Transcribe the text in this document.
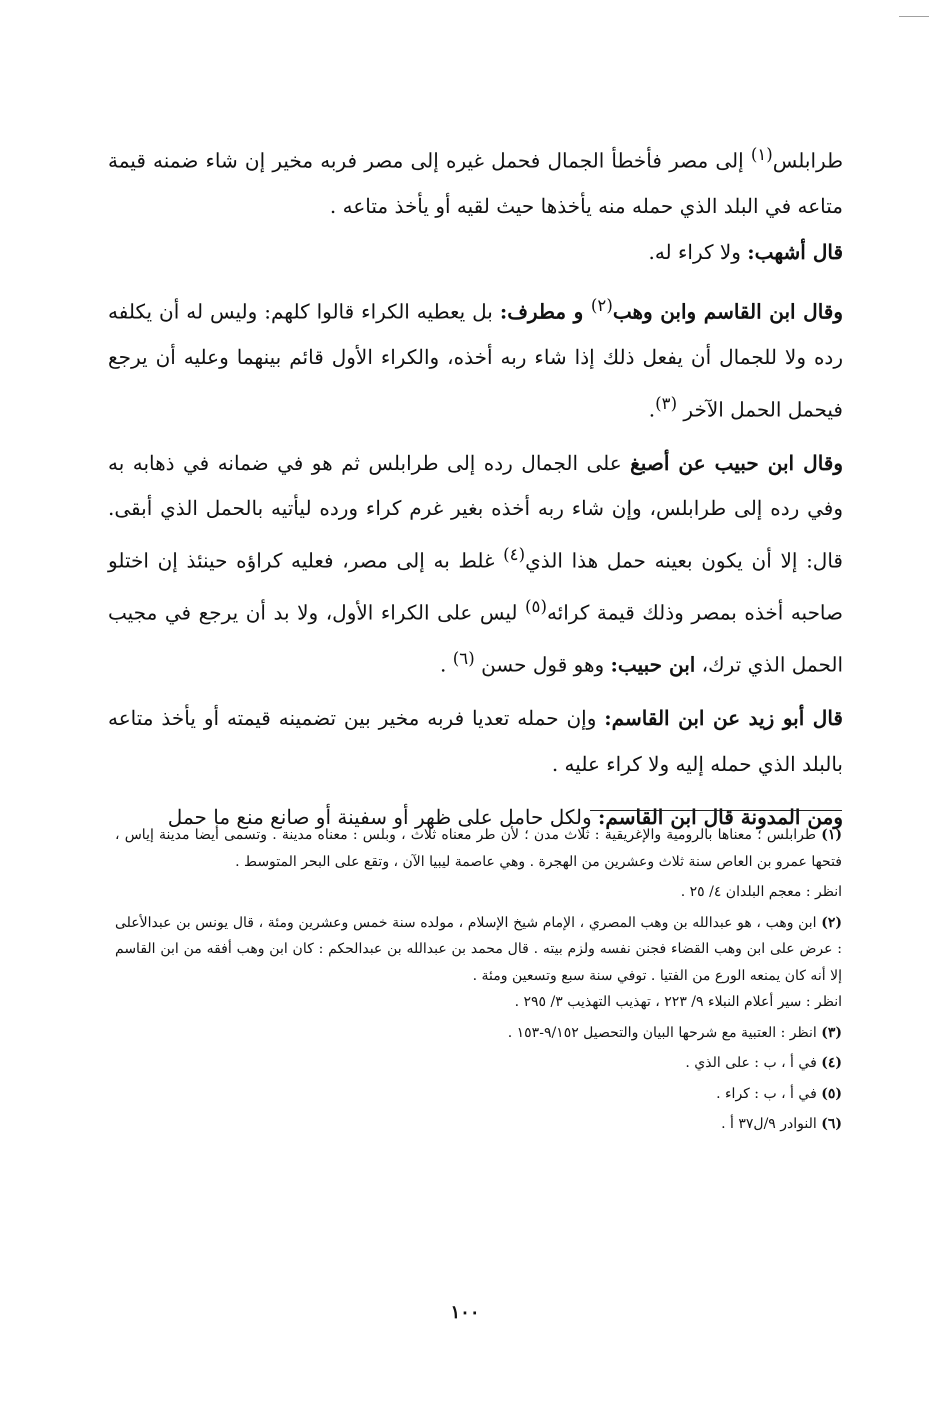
طرابلس$^{(١)}$ إلى مصر فأخطأ الجمال فحمل غيره إلى مصر فربه مخير إن شاء ضمنه قيمة متاعه في البلد الذي حمله منه يأخذها حيث لقيه أو يأخذ متاعه .

قال أشهب: ولا كراء له.

وقال ابن القاسم وابن وهب$^{(٢)}$ و مطرف: بل يعطيه الكراء قالوا كلهم: وليس له أن يكلفه رده ولا للجمال أن يفعل ذلك إذا شاء ربه أخذه، والكراء الأول قائم بينهما وعليه أن يرجع فيحمل الحمل الآخر $^{(٣)}$.

وقال ابن حبيب عن أصبغ على الجمال رده إلى طرابلس ثم هو في ضمانه في ذهابه به وفي رده إلى طرابلس، وإن شاء ربه أخذه بغير غرم كراء ورده ليأتيه بالحمل الذي أبقى. قال: إلا أن يكون بعينه حمل هذا الذي$^{(٤)}$ غلط به إلى مصر، فعليه كراؤه حينئذ إن اختلو صاحبه أخذه بمصر وذلك قيمة كرائه$^{(٥)}$ ليس على الكراء الأول، ولا بد أن يرجع في مجيب الحمل الذي ترك، ابن حبيب: وهو قول حسن $^{(٦)}$ .

قال أبو زيد عن ابن القاسم: وإن حمله تعديا فربه مخير بين تضمينه قيمته أو يأخذ متاعه بالبلد الذي حمله إليه ولا كراء عليه .

ومن المدونة قال ابن القاسم: ولكل حامل على ظهر أو سفينة أو صانع منع ما حمل

(١) طرابلس ؛ معناها بالرومية والإغريقية : ثلاث مدن ؛ لأن طر معناه ثلاث ، وبلس : معناه مدينة . وتسمى أيضا مدينة إياس ، فتحها عمرو بن العاص سنة ثلاث وعشرين من الهجرة . وهي عاصمة ليبيا الآن ، وتقع على البحر المتوسط .

انظر : معجم البلدان ٤/ ٢٥ .

(٢) ابن وهب ، هو عبدالله بن وهب المصري ، الإمام شيخ الإسلام ، مولده سنة خمس وعشرين ومئة ، قال يونس بن عبدالأعلى : عرض على ابن وهب القضاء فجنن نفسه ولزم بيته . قال محمد بن عبدالله بن عبدالحكم : كان ابن وهب أفقه من ابن القاسم إلا أنه كان يمنعه الورع من الفتيا . توفي سنة سبع وتسعين ومئة .

انظر : سير أعلام النبلاء ٩/ ٢٢٣ ، تهذيب التهذيب ٣/ ٢٩٥ .

(٣) انظر : العتبية مع شرحها البيان والتحصيل ٩/١٥٢-١٥٣ .

(٤) في أ ، ب : على الذي .

(٥) في أ ، ب : كراء .

(٦) النوادر ٩/ل٣٧ أ .

١٠٠
